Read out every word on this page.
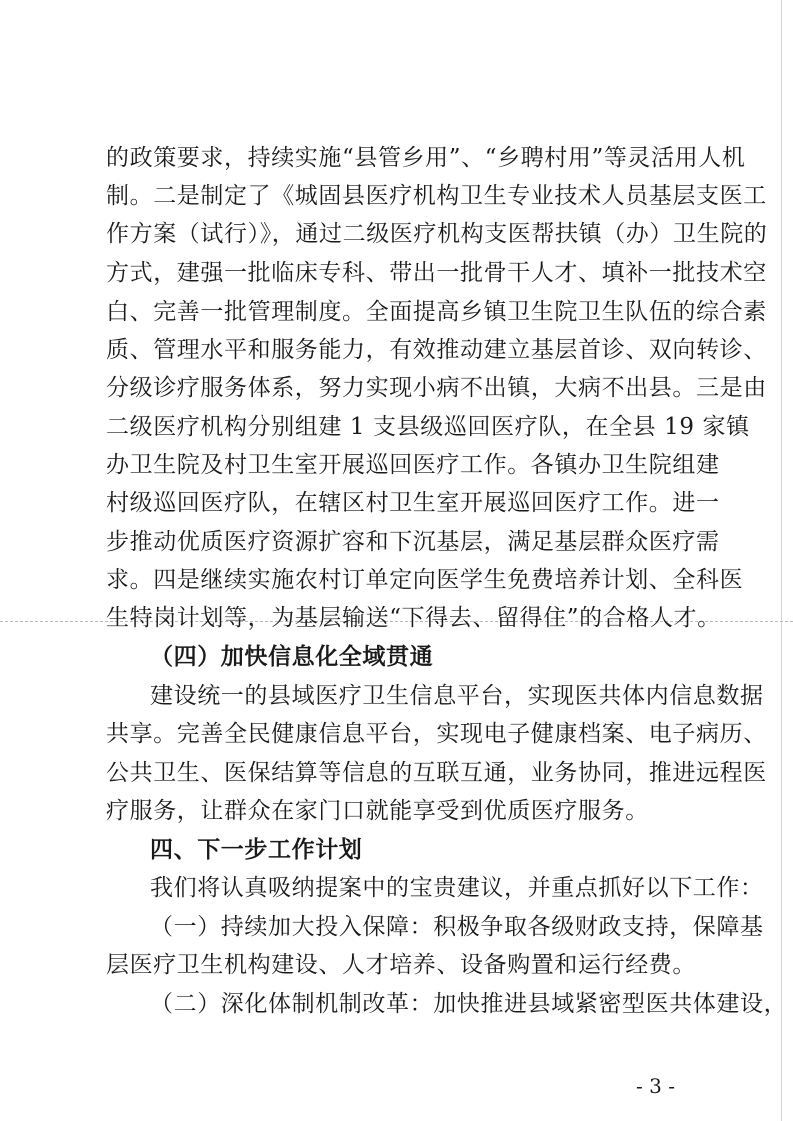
的政策要求，持续实施“县管乡用”、“乡聘村用”等灵活用人机
制。二是制定了《城固县医疗机构卫生专业技术人员基层支医工
作方案（试行）》，通过二级医疗机构支医帮扶镇（办）卫生院的
方式，建强一批临床专科、带出一批骨干人才、填补一批技术空
白、完善一批管理制度。全面提高乡镇卫生院卫生队伍的综合素
质、管理水平和服务能力，有效推动建立基层首诊、双向转诊、
分级诊疗服务体系，努力实现小病不出镇，大病不出县。三是由
二级医疗机构分别组建 1 支县级巡回医疗队，在全县 19 家镇
办卫生院及村卫生室开展巡回医疗工作。各镇办卫生院组建
村级巡回医疗队，在辖区村卫生室开展巡回医疗工作。进一
步推动优质医疗资源扩容和下沉基层，满足基层群众医疗需
求。四是继续实施农村订单定向医学生免费培养计划、全科医
生特岗计划等，为基层输送“下得去、留得住”的合格人才。
（四）加快信息化全域贯通
建设统一的县域医疗卫生信息平台，实现医共体内信息数据
共享。完善全民健康信息平台，实现电子健康档案、电子病历、
公共卫生、医保结算等信息的互联互通，业务协同，推进远程医
疗服务，让群众在家门口就能享受到优质医疗服务。
四、下一步工作计划
我们将认真吸纳提案中的宝贵建议，并重点抓好以下工作：
（一）持续加大投入保障：积极争取各级财政支持，保障基
层医疗卫生机构建设、人才培养、设备购置和运行经费。
（二）深化体制机制改革：加快推进县域紧密型医共体建设，
- 3 -
